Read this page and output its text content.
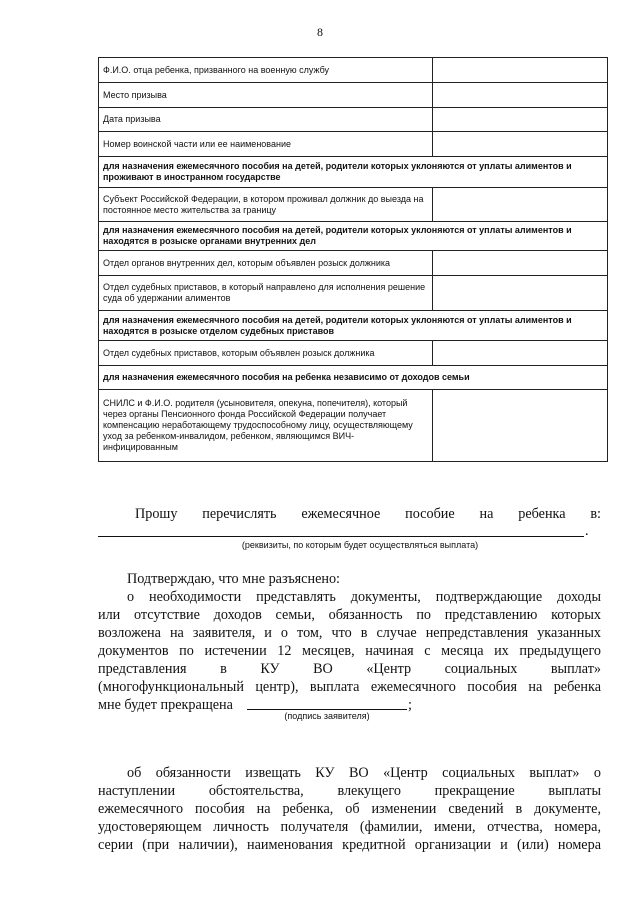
8
Ф.И.О. отца ребенка, призванного на военную службу	
Место призыва	
Дата призыва	
Номер воинской части или ее наименование	
для назначения ежемесячного пособия на детей, родители которых уклоняются от уплаты алиментов и проживают в иностранном государстве	
Субъект Российской Федерации, в котором проживал должник до выезда на постоянное место жительства за границу	
для назначения ежемесячного пособия на детей, родители которых уклоняются от уплаты алиментов и находятся в розыске органами внутренних дел	
Отдел органов внутренних дел, которым объявлен розыск должника	
Отдел судебных приставов, в который направлено для исполнения решение суда об удержании алиментов	
для назначения ежемесячного пособия на детей, родители которых уклоняются от уплаты алиментов и находятся в розыске отделом судебных приставов	
Отдел судебных приставов, которым объявлен розыск должника	
для назначения ежемесячного пособия на ребенка независимо от доходов семьи	
СНИЛС и Ф.И.О. родителя (усыновителя, опекуна, попечителя), который через органы Пенсионного фонда Российской Федерации получает компенсацию неработающему трудоспособному лицу, осуществляющему уход за ребенком-инвалидом, ребенком, являющимся ВИЧ-инфицированным	
Прошу перечислять ежемесячное пособие на ребенка в:
.
(реквизиты, по которым будет осуществляться выплата)
Подтверждаю, что мне разъяснено:
о необходимости представлять документы, подтверждающие доходы
или отсутствие доходов семьи, обязанность по представлению которых
возложена на заявителя, и о том, что в случае непредставления указанных
документов по истечении 12 месяцев, начиная с месяца их предыдущего
представления в КУ ВО «Центр социальных выплат»
(многофункциональный центр), выплата ежемесячного пособия на ребенка
мне будет прекращена	;
(подпись заявителя)
об обязанности извещать КУ ВО «Центр социальных выплат» о
наступлении обстоятельства, влекущего прекращение выплаты
ежемесячного пособия на ребенка, об изменении сведений в документе,
удостоверяющем личность получателя (фамилии, имени, отчества, номера,
серии (при наличии), наименования кредитной организации и (или) номера
